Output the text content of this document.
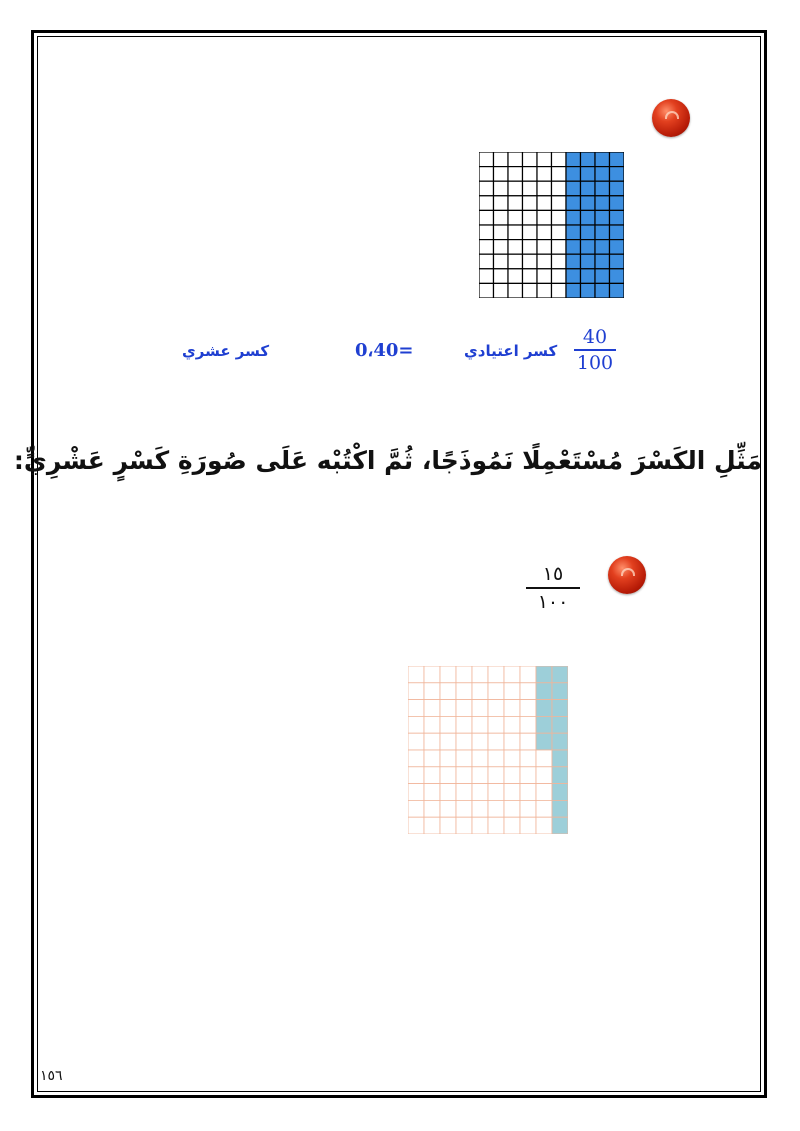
40
100
كسر اعتيادي
0،40=
كسر عشري
مَثِّلِ الكَسْرَ مُسْتَعْمِلًا نَمُوذَجًا، ثُمَّ اكْتُبْه عَلَى صُورَةِ كَسْرٍ عَشْرِيٍّ:
١٥
١٠٠
١٥٦
